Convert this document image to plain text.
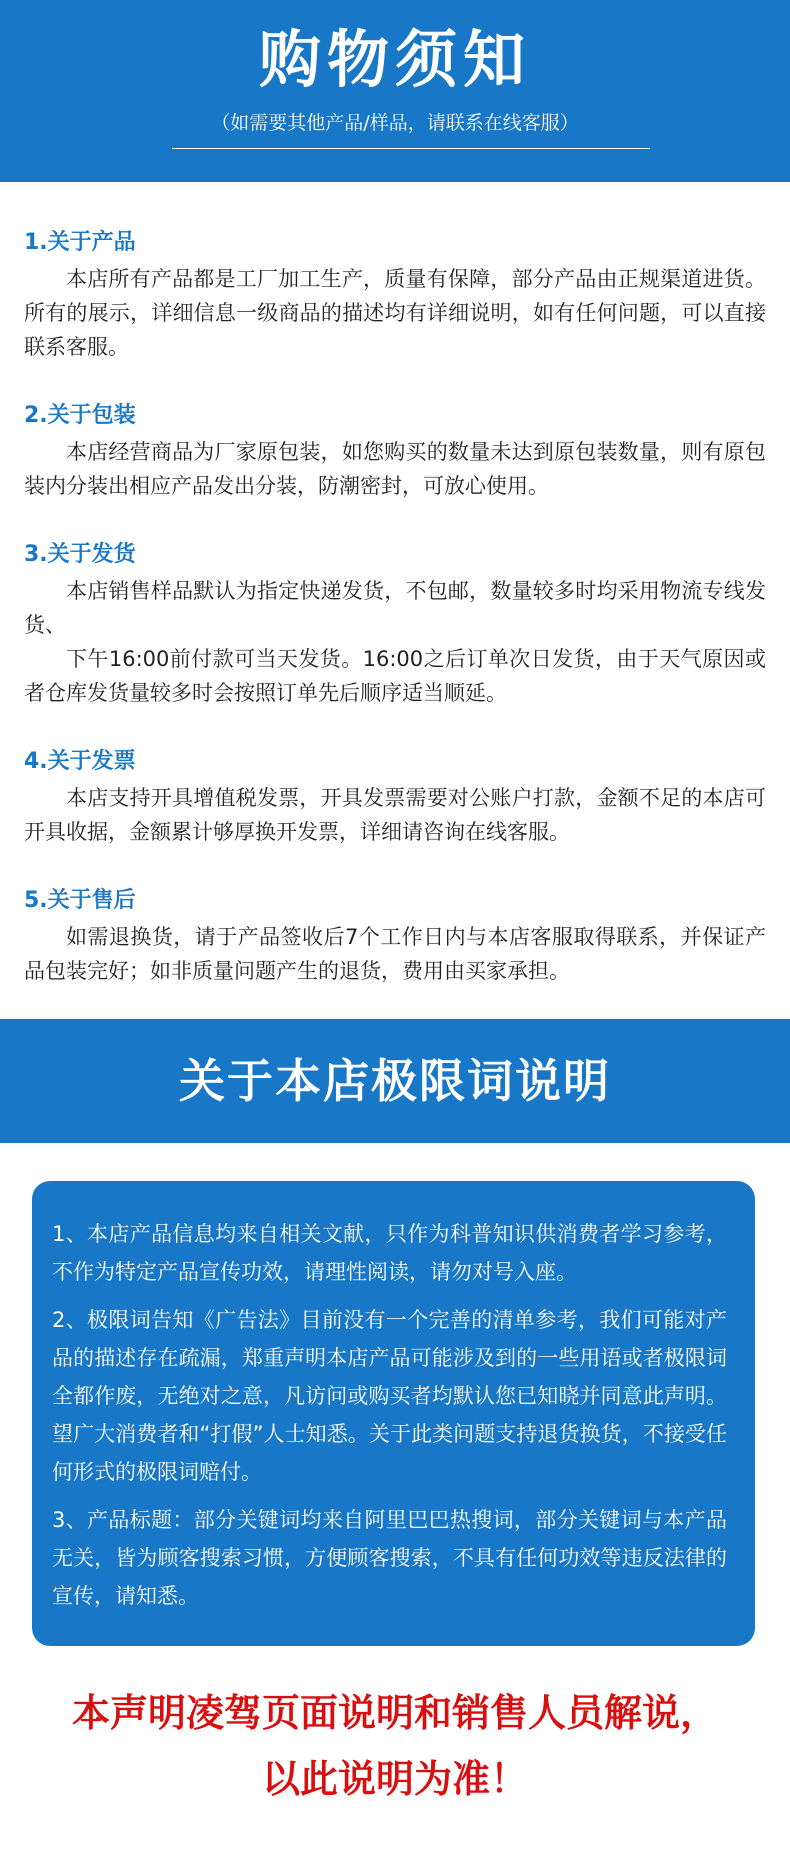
购物须知
（如需要其他产品/样品，请联系在线客服）
1.关于产品

本店所有产品都是工厂加工生产，质量有保障，部分产品由正规渠道进货。所有的展示，详细信息一级商品的描述均有详细说明，如有任何问题，可以直接联系客服。

2.关于包装

本店经营商品为厂家原包装，如您购买的数量未达到原包装数量，则有原包装内分装出相应产品发出分装，防潮密封，可放心使用。

3.关于发货

本店销售样品默认为指定快递发货，不包邮，数量较多时均采用物流专线发货、

下午16:00前付款可当天发货。16:00之后订单次日发货，由于天气原因或者仓库发货量较多时会按照订单先后顺序适当顺延。

4.关于发票

本店支持开具增值税发票，开具发票需要对公账户打款，金额不足的本店可开具收据，金额累计够厚换开发票，详细请咨询在线客服。

5.关于售后

如需退换货，请于产品签收后7个工作日内与本店客服取得联系，并保证产品包装完好；如非质量问题产生的退货，费用由买家承担。

关于本店极限词说明

1、本店产品信息均来自相关文献，只作为科普知识供消费者学习参考，不作为特定产品宣传功效，请理性阅读，请勿对号入座。

2、极限词告知《广告法》目前没有一个完善的清单参考，我们可能对产品的描述存在疏漏，郑重声明本店产品可能涉及到的一些用语或者极限词全都作废，无绝对之意，凡访问或购买者均默认您已知晓并同意此声明。望广大消费者和“打假”人士知悉。关于此类问题支持退货换货，不接受任何形式的极限词赔付。

3、产品标题：部分关键词均来自阿里巴巴热搜词，部分关键词与本产品无关，皆为顾客搜索习惯，方便顾客搜索，不具有任何功效等违反法律的宣传，请知悉。

本声明凌驾页面说明和销售人员解说，
以此说明为准！
